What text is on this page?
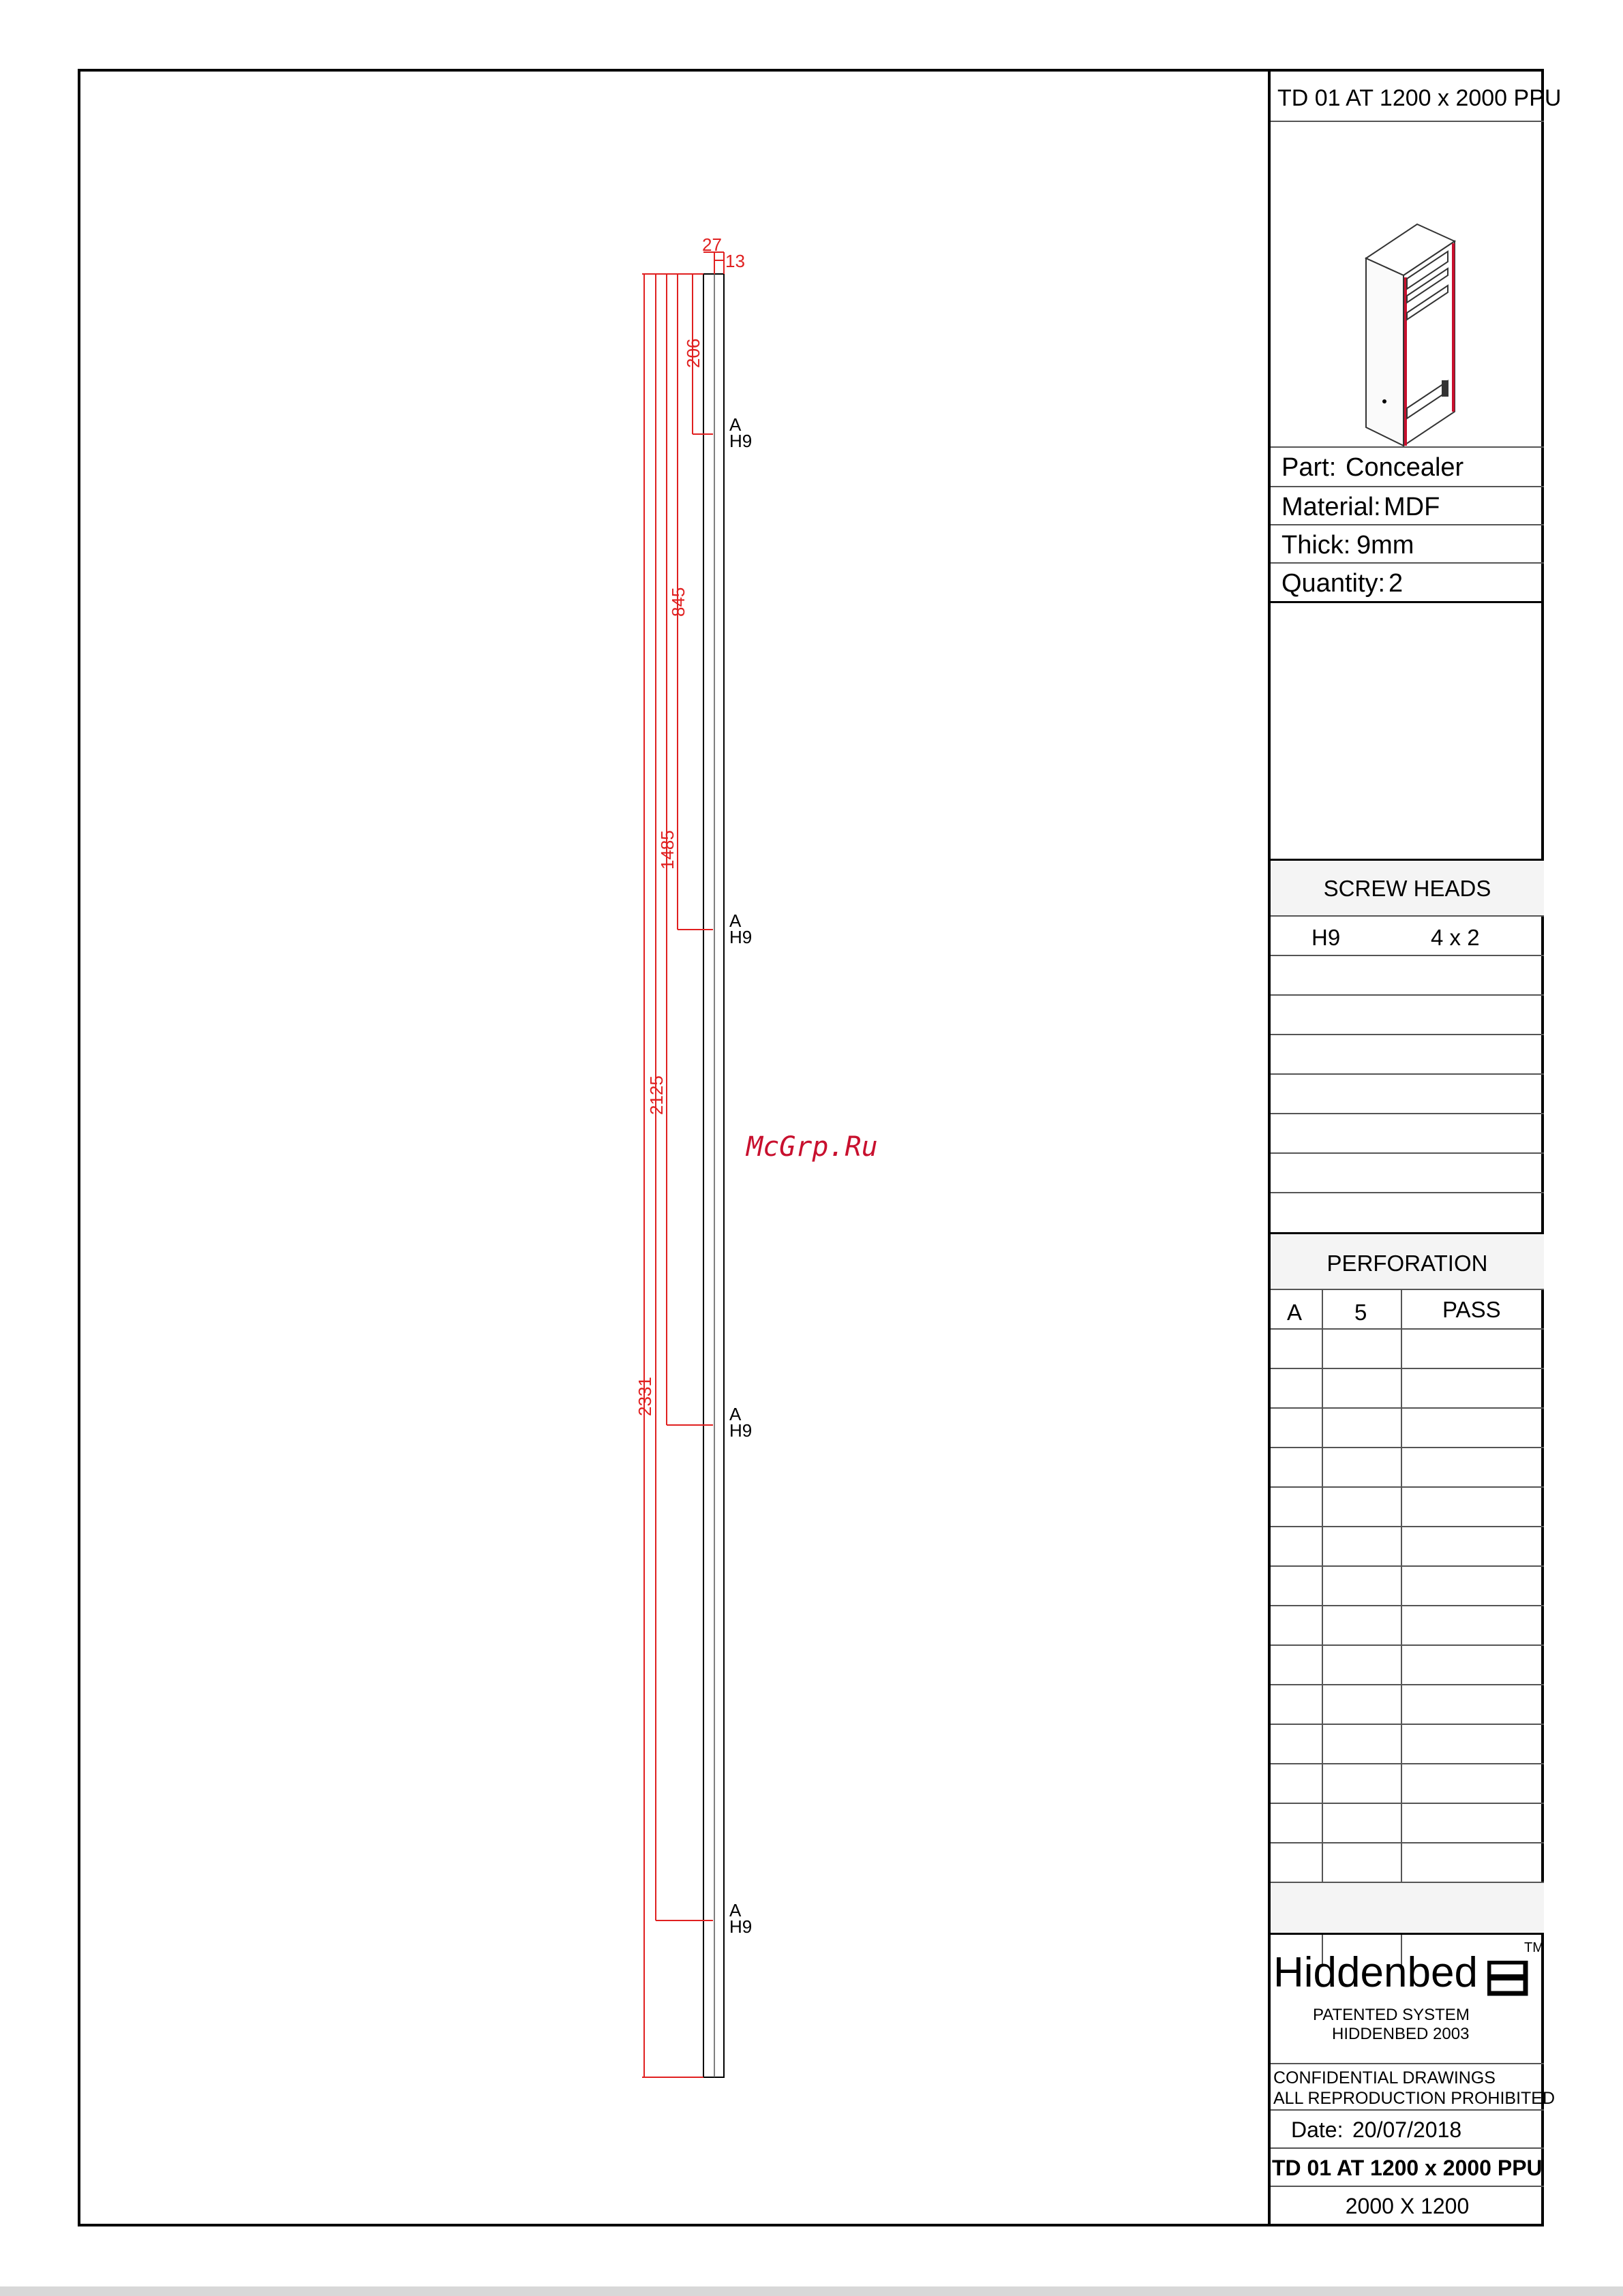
27
13
206
845
1485
2125
2331
A
H9
A
H9
A
H9
A
H9
McGrp.Ru
TD 01 AT 1200 x 2000 PPU
Part: Concealer
Material: MDF
Thick: 9mm
Quantity: 2
SCREW HEADS
H9	4 x 2
PERFORATION
A 5	PASS
Hiddenbed
TM
PATENTED SYSTEM
HIDDENBED 2003
CONFIDENTIAL DRAWINGS
ALL REPRODUCTION PROHIBITED
Date: 20/07/2018
TD 01 AT 1200 x 2000 PPU
2000 X 1200
